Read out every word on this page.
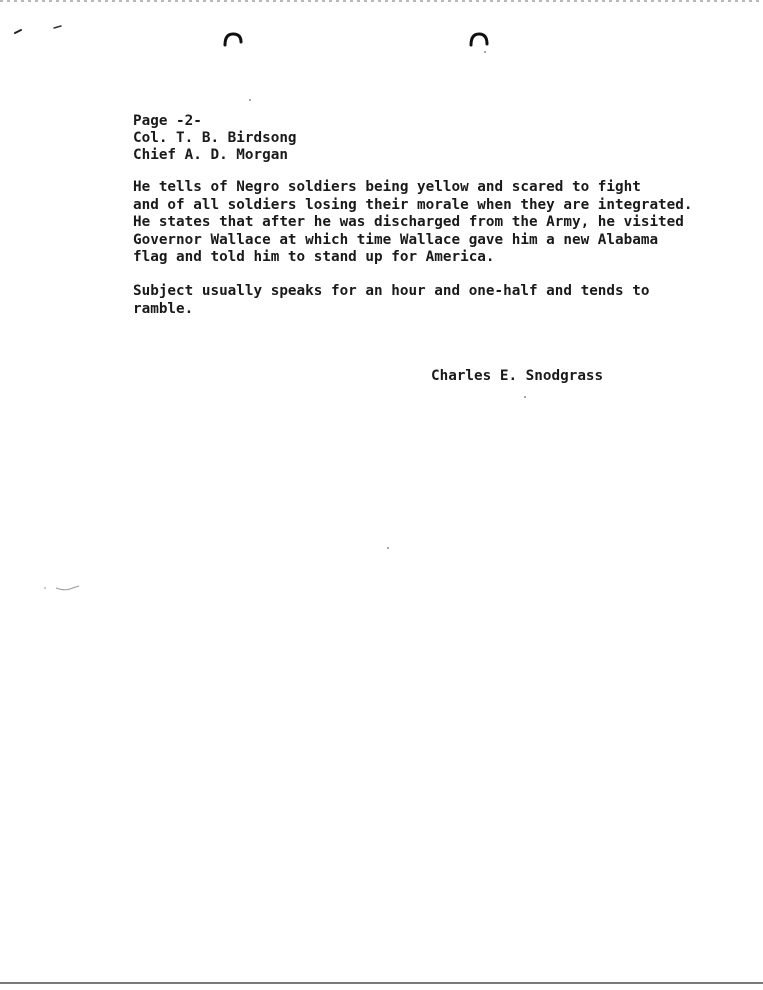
Page -2-
Col. T. B. Birdsong
Chief A. D. Morgan
He tells of Negro soldiers being yellow and scared to fight
and of all soldiers losing their morale when they are integrated.
He states that after he was discharged from the Army, he visited
Governor Wallace at which time Wallace gave him a new Alabama
flag and told him to stand up for America.
Subject usually speaks for an hour and one-half and tends to
ramble.
Charles E. Snodgrass
